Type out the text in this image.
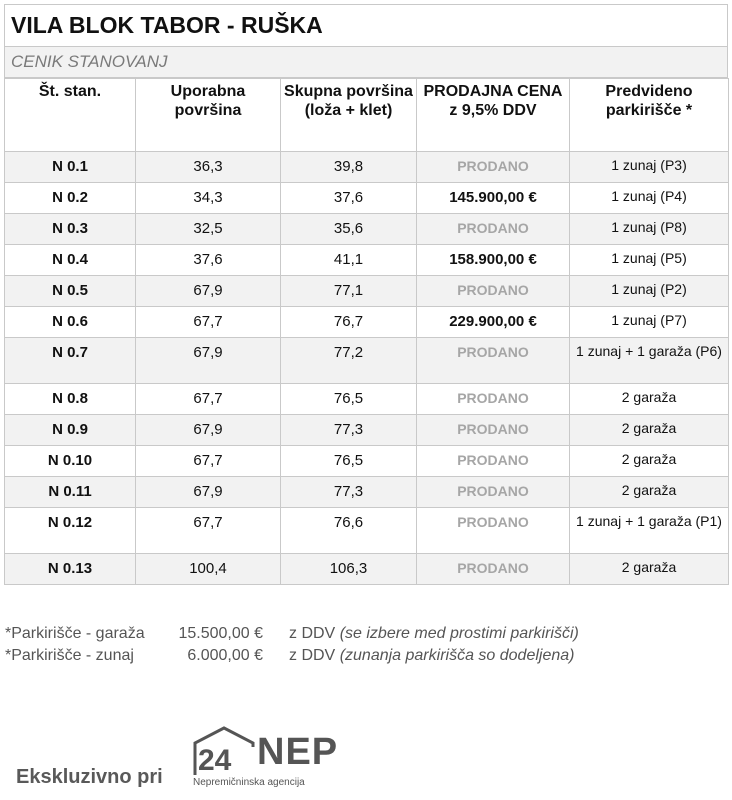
VILA BLOK TABOR - RUŠKA
CENIK STANOVANJ
Št. stan.	Uporabna površina	Skupna površina (loža + klet)	PRODAJNA CENA z 9,5% DDV	Predvideno parkirišče *
N 0.1	36,3	39,8	PRODANO	1 zunaj (P3)
N 0.2	34,3	37,6	145.900,00 €	1 zunaj (P4)
N 0.3	32,5	35,6	PRODANO	1 zunaj (P8)
N 0.4	37,6	41,1	158.900,00 €	1 zunaj (P5)
N 0.5	67,9	77,1	PRODANO	1 zunaj (P2)
N 0.6	67,7	76,7	229.900,00 €	1 zunaj (P7)
N 0.7	67,9	77,2	PRODANO	1 zunaj + 1 garaža (P6)
N 0.8	67,7	76,5	PRODANO	2 garaža
N 0.9	67,9	77,3	PRODANO	2 garaža
N 0.10	67,7	76,5	PRODANO	2 garaža
N 0.11	67,9	77,3	PRODANO	2 garaža
N 0.12	67,7	76,6	PRODANO	1 zunaj + 1 garaža (P1)
N 0.13	100,4	106,3	PRODANO	2 garaža
*Parkirišče - garaža 15.500,00 € z DDV (se izbere med prostimi parkirišči)
*Parkirišče - zunaj	6.000,00 € z DDV (zunanja parkirišča so dodeljena)
Ekskluzivno pri 24 NEP
Nepremičninska agencija
